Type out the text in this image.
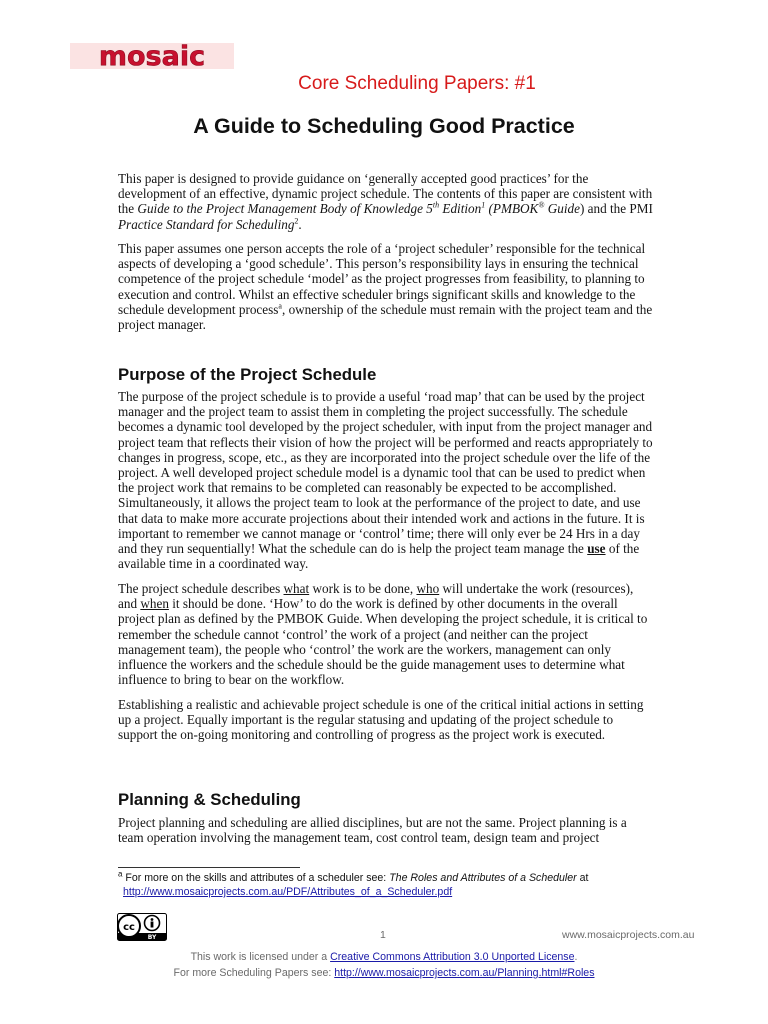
mosaic
Core Scheduling Papers: #1
A Guide to Scheduling Good Practice

This paper is designed to provide guidance on ‘generally accepted good practices’ for the development of an effective, dynamic project schedule. The contents of this paper are consistent with the Guide to the Project Management Body of Knowledge 5th Edition$^1$ (PMBOK® Guide) and the PMI Practice Standard for Scheduling$^2$.

This paper assumes one person accepts the role of a ‘project scheduler’ responsible for the technical aspects of developing a ‘good schedule’. This person’s responsibility lays in ensuring the technical competence of the project schedule ‘model’ as the project progresses from feasibility, to planning to execution and control. Whilst an effective scheduler brings significant skills and knowledge to the schedule development process$^a$, ownership of the schedule must remain with the project team and the project manager.

Purpose of the Project Schedule

The purpose of the project schedule is to provide a useful ‘road map’ that can be used by the project manager and the project team to assist them in completing the project successfully. The schedule becomes a dynamic tool developed by the project scheduler, with input from the project manager and project team that reflects their vision of how the project will be performed and reacts appropriately to changes in progress, scope, etc., as they are incorporated into the project schedule over the life of the project. A well developed project schedule model is a dynamic tool that can be used to predict when the project work that remains to be completed can reasonably be expected to be accomplished. Simultaneously, it allows the project team to look at the performance of the project to date, and use that data to make more accurate projections about their intended work and actions in the future. It is important to remember we cannot manage or ‘control’ time; there will only ever be 24 Hrs in a day and they run sequentially! What the schedule can do is help the project team manage the use of the available time in a coordinated way.

The project schedule describes what work is to be done, who will undertake the work (resources), and when it should be done. ‘How’ to do the work is defined by other documents in the overall project plan as defined by the PMBOK Guide. When developing the project schedule, it is critical to remember the schedule cannot ‘control’ the work of a project (and neither can the project management team), the people who ‘control’ the work are the workers, management can only influence the workers and the schedule should be the guide management uses to determine what influence to bring to bear on the workflow.

Establishing a realistic and achievable project schedule is one of the critical initial actions in setting up a project. Equally important is the regular statusing and updating of the project schedule to support the on-going monitoring and controlling of progress as the project work is executed.

Planning & Scheduling

Project planning and scheduling are allied disciplines, but are not the same. Project planning is a team operation involving the management team, cost control team, design team and project

$^a$ For more on the skills and attributes of a scheduler see: The Roles and Attributes of a Scheduler at
http://www.mosaicprojects.com.au/PDF/Attributes_of_a_Scheduler.pdf
cc
BY	1	www.mosaicprojects.com.au
This work is licensed under a Creative Commons Attribution 3.0 Unported License.
For more Scheduling Papers see: http://www.mosaicprojects.com.au/Planning.html#Roles
